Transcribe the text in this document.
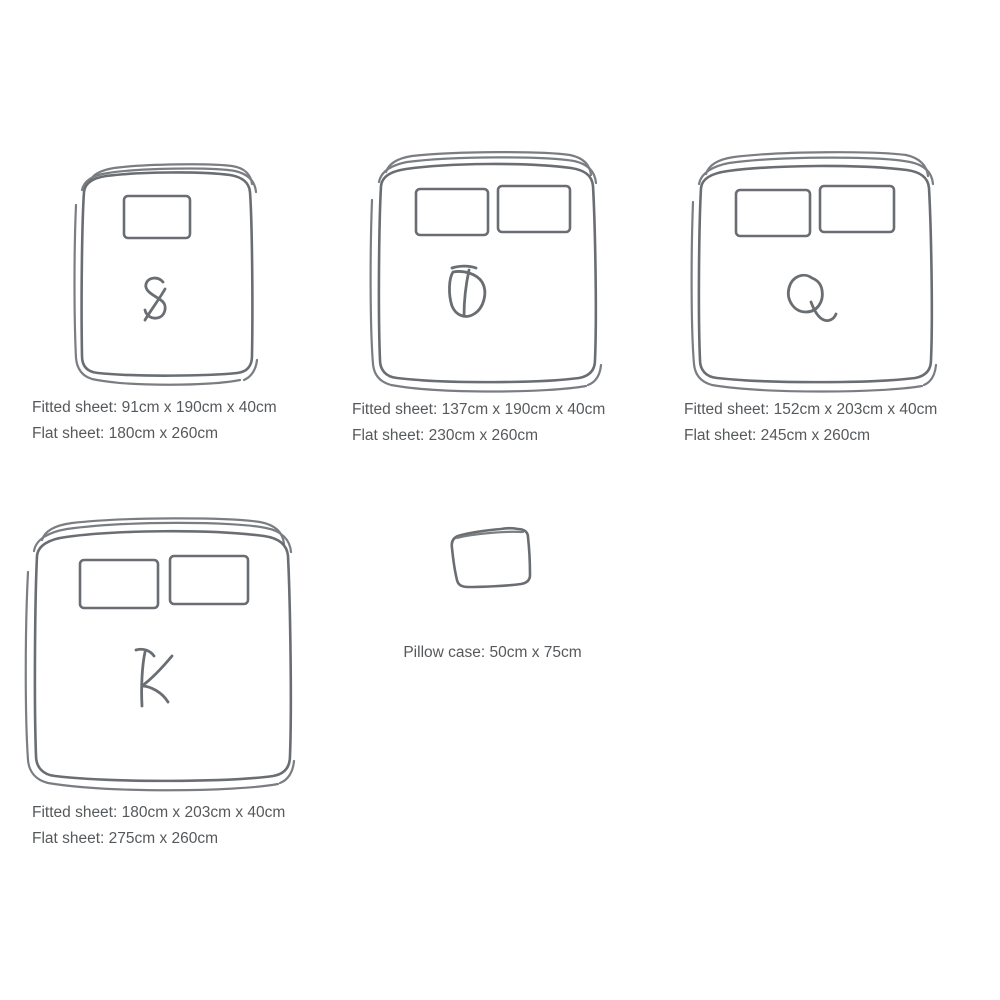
Fitted sheet: 91cm x 190cm x 40cm
Flat sheet: 180cm x 260cm
Fitted sheet: 137cm x 190cm x 40cm
Flat sheet: 230cm x 260cm
Fitted sheet: 152cm x 203cm x 40cm
Flat sheet: 245cm x 260cm
Fitted sheet: 180cm x 203cm x 40cm
Flat sheet: 275cm x 260cm
Pillow case: 50cm x 75cm
